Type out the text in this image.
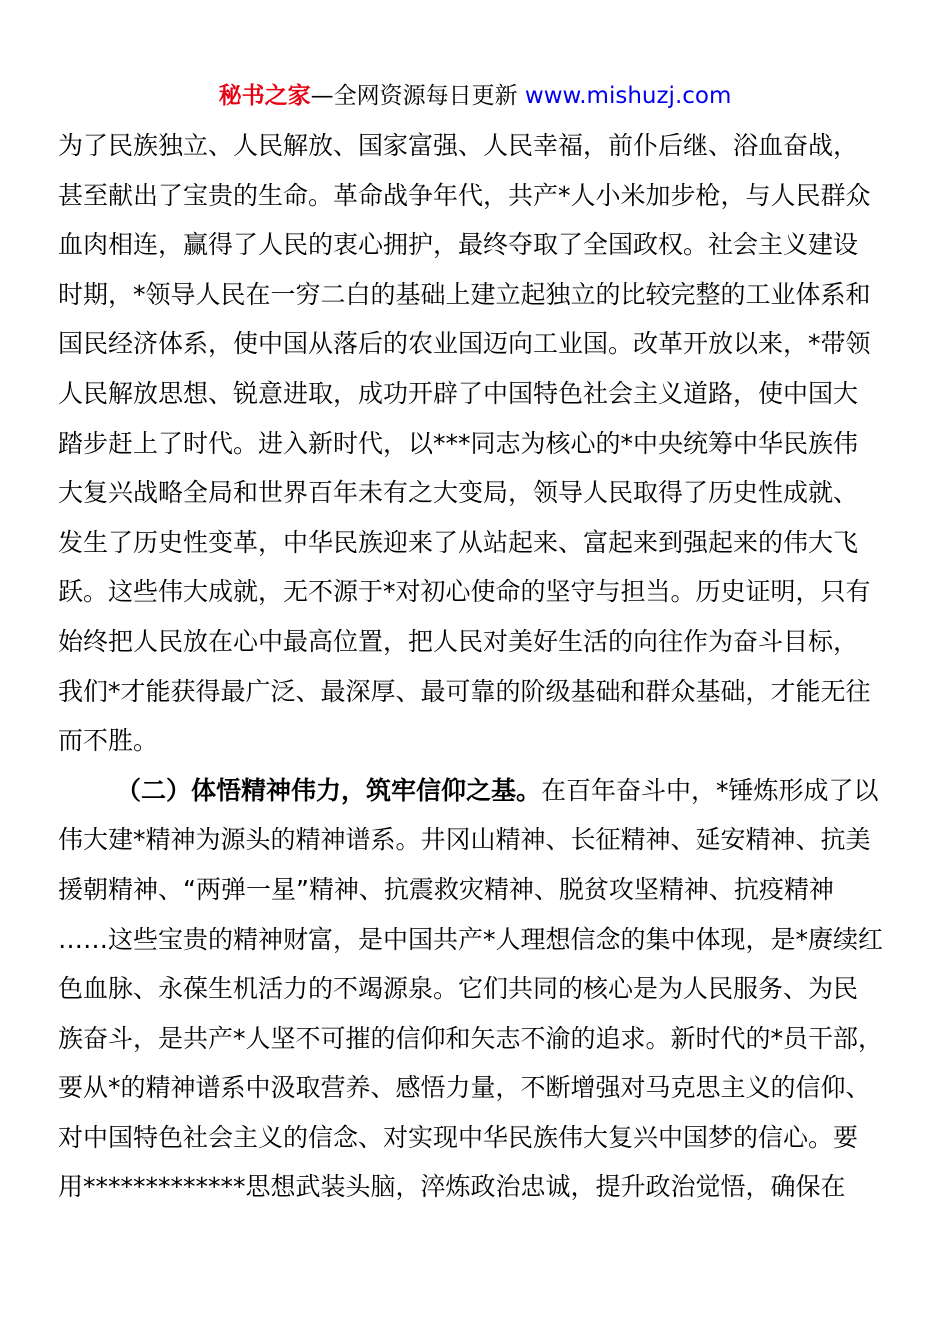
秘书之家—全网资源每日更新 www.mishuzj.com
为了民族独立、人民解放、国家富强、人民幸福，前仆后继、浴血奋战，
甚至献出了宝贵的生命。革命战争年代，共产*人小米加步枪，与人民群众
血肉相连，赢得了人民的衷心拥护，最终夺取了全国政权。社会主义建设
时期，*领导人民在一穷二白的基础上建立起独立的比较完整的工业体系和
国民经济体系，使中国从落后的农业国迈向工业国。改革开放以来，*带领
人民解放思想、锐意进取，成功开辟了中国特色社会主义道路，使中国大
踏步赶上了时代。进入新时代，以***同志为核心的*中央统筹中华民族伟
大复兴战略全局和世界百年未有之大变局，领导人民取得了历史性成就、
发生了历史性变革，中华民族迎来了从站起来、富起来到强起来的伟大飞
跃。这些伟大成就，无不源于*对初心使命的坚守与担当。历史证明，只有
始终把人民放在心中最高位置，把人民对美好生活的向往作为奋斗目标，
我们*才能获得最广泛、最深厚、最可靠的阶级基础和群众基础，才能无往
而不胜。
（二）体悟精神伟力，筑牢信仰之基。在百年奋斗中，*锤炼形成了以
伟大建*精神为源头的精神谱系。井冈山精神、长征精神、延安精神、抗美
援朝精神、“两弹一星”精神、抗震救灾精神、脱贫攻坚精神、抗疫精神
……这些宝贵的精神财富，是中国共产*人理想信念的集中体现，是*赓续红
色血脉、永葆生机活力的不竭源泉。它们共同的核心是为人民服务、为民
族奋斗，是共产*人坚不可摧的信仰和矢志不渝的追求。新时代的*员干部，
要从*的精神谱系中汲取营养、感悟力量，不断增强对马克思主义的信仰、
对中国特色社会主义的信念、对实现中华民族伟大复兴中国梦的信心。要
用*************思想武装头脑，淬炼政治忠诚，提升政治觉悟，确保在
